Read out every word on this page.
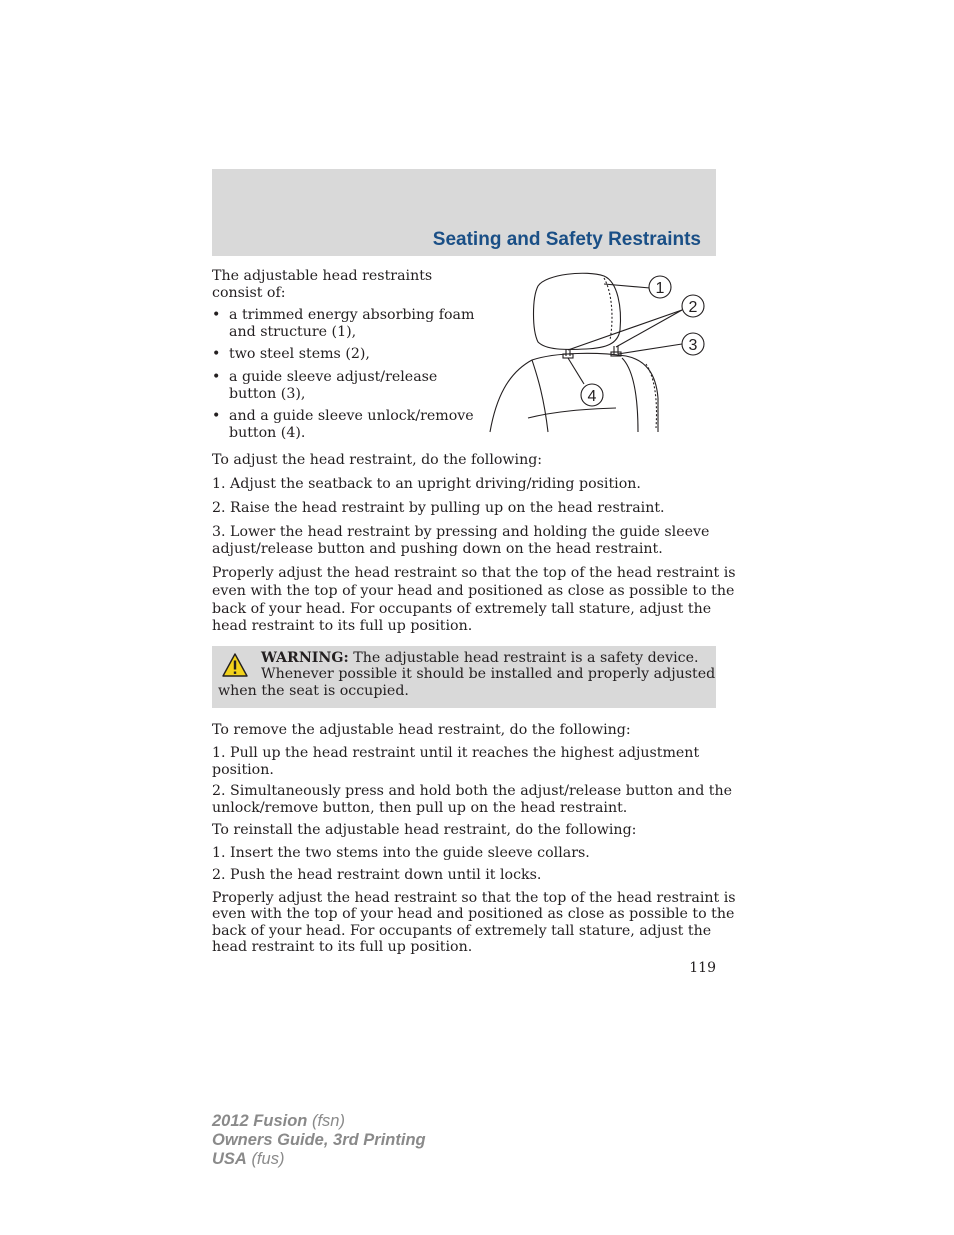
Seating and Safety Restraints

The adjustable head restraints

consist of:

• a trimmed energy absorbing foam
and structure (1),
• two steel stems (2),
• a guide sleeve adjust/release
button (3),
• and a guide sleeve unlock/remove
button (4).
1
2
3
4

To adjust the head restraint, do the following:

1. Adjust the seatback to an upright driving/riding position.

2. Raise the head restraint by pulling up on the head restraint.

3. Lower the head restraint by pressing and holding the guide sleeve

adjust/release button and pushing down on the head restraint.

Properly adjust the head restraint so that the top of the head restraint is

even with the top of your head and positioned as close as possible to the

back of your head. For occupants of extremely tall stature, adjust the

head restraint to its full up position.

WARNING: The adjustable head restraint is a safety device.

Whenever possible it should be installed and properly adjusted

when the seat is occupied.

To remove the adjustable head restraint, do the following:

1. Pull up the head restraint until it reaches the highest adjustment

position.

2. Simultaneously press and hold both the adjust/release button and the

unlock/remove button, then pull up on the head restraint.

To reinstall the adjustable head restraint, do the following:

1. Insert the two stems into the guide sleeve collars.

2. Push the head restraint down until it locks.

Properly adjust the head restraint so that the top of the head restraint is

even with the top of your head and positioned as close as possible to the

back of your head. For occupants of extremely tall stature, adjust the

head restraint to its full up position.

119

2012 Fusion (fsn)
Owners Guide, 3rd Printing
USA (fus)
